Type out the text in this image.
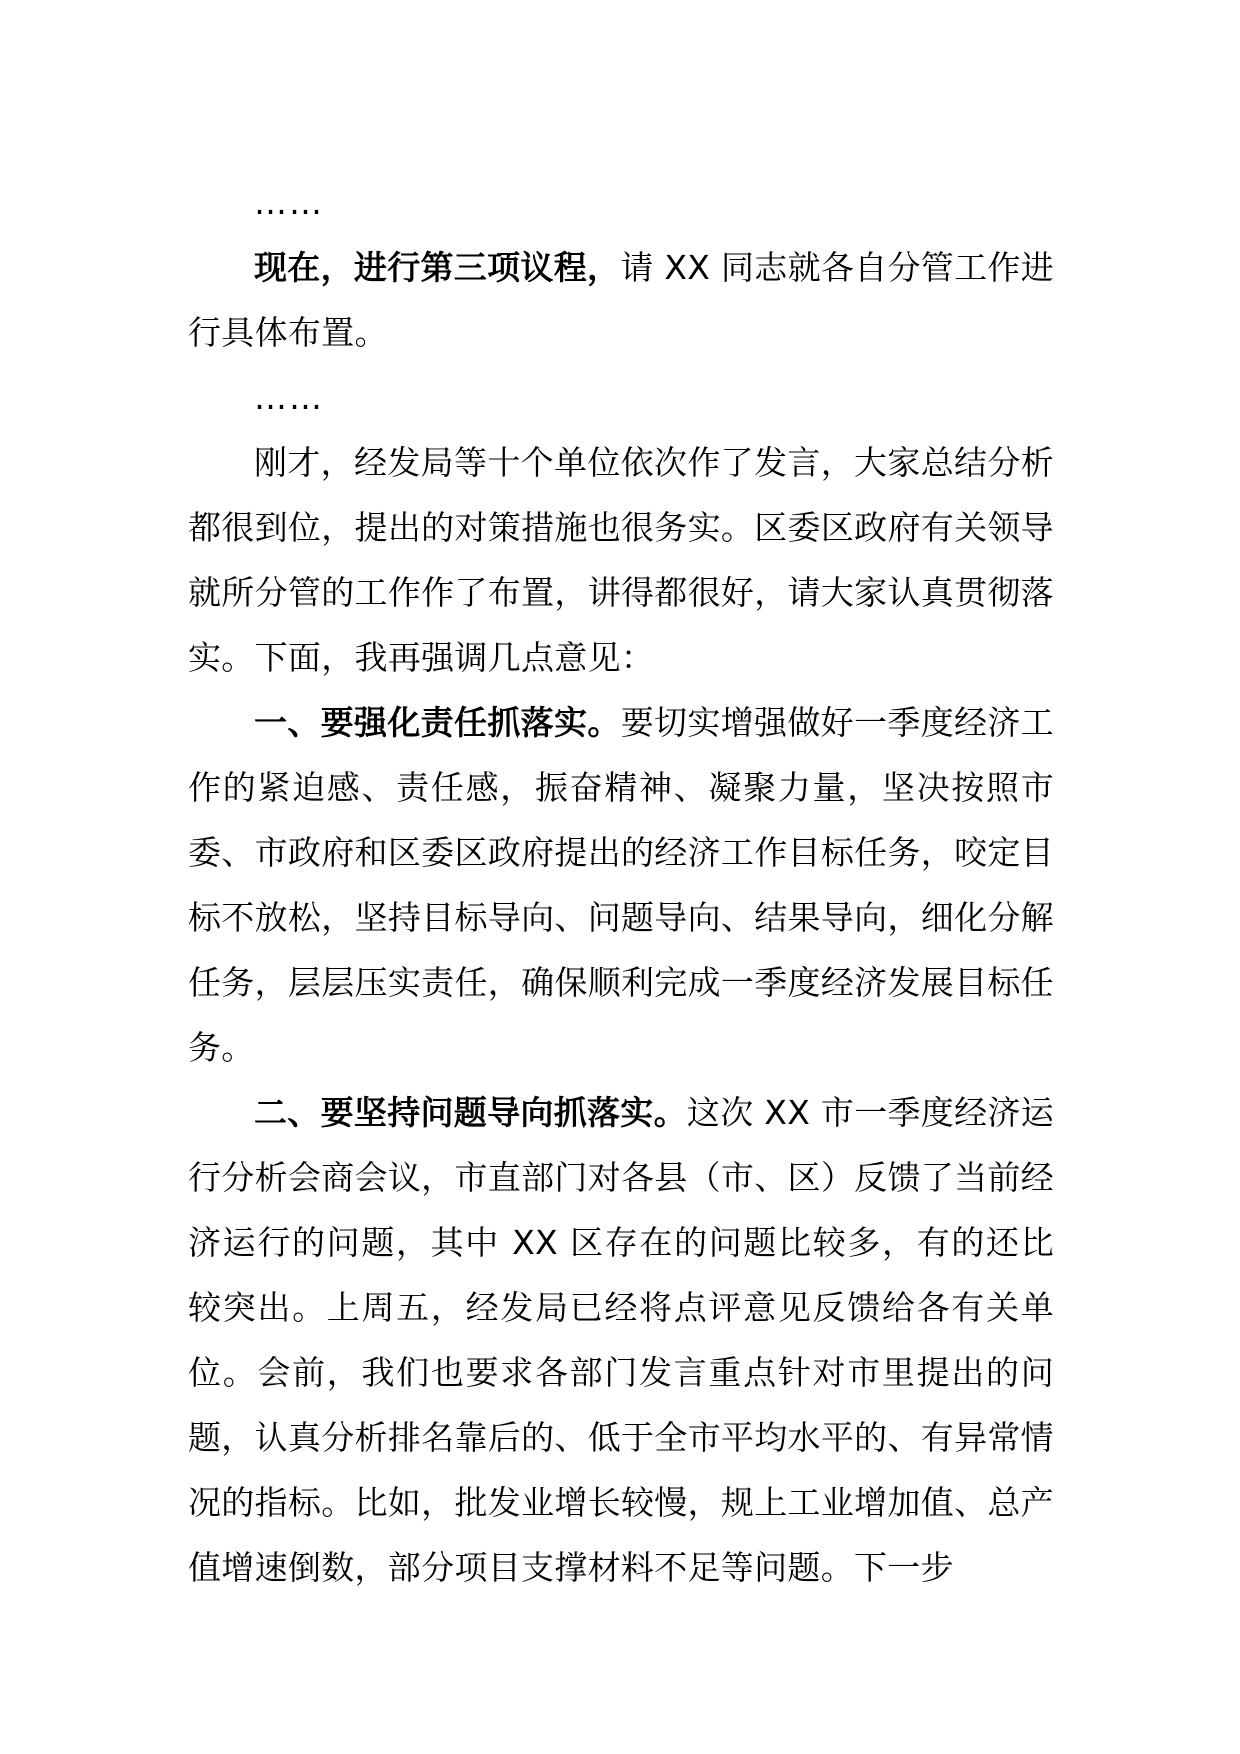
……

现在，进行第三项议程，请 XX 同志就各自分管工作进行具体布置。

……

刚才，经发局等十个单位依次作了发言，大家总结分析都很到位，提出的对策措施也很务实。区委区政府有关领导就所分管的工作作了布置，讲得都很好，请大家认真贯彻落实。下面，我再强调几点意见：

一、要强化责任抓落实。要切实增强做好一季度经济工作的紧迫感、责任感，振奋精神、凝聚力量，坚决按照市委、市政府和区委区政府提出的经济工作目标任务，咬定目标不放松，坚持目标导向、问题导向、结果导向，细化分解任务，层层压实责任，确保顺利完成一季度经济发展目标任务。

二、要坚持问题导向抓落实。这次 XX 市一季度经济运行分析会商会议，市直部门对各县（市、区）反馈了当前经济运行的问题，其中 XX 区存在的问题比较多，有的还比较突出。上周五，经发局已经将点评意见反馈给各有关单位。会前，我们也要求各部门发言重点针对市里提出的问题，认真分析排名靠后的、低于全市平均水平的、有异常情况的指标。比如，批发业增长较慢，规上工业增加值、总产值增速倒数，部分项目支撑材料不足等问题。下一步
